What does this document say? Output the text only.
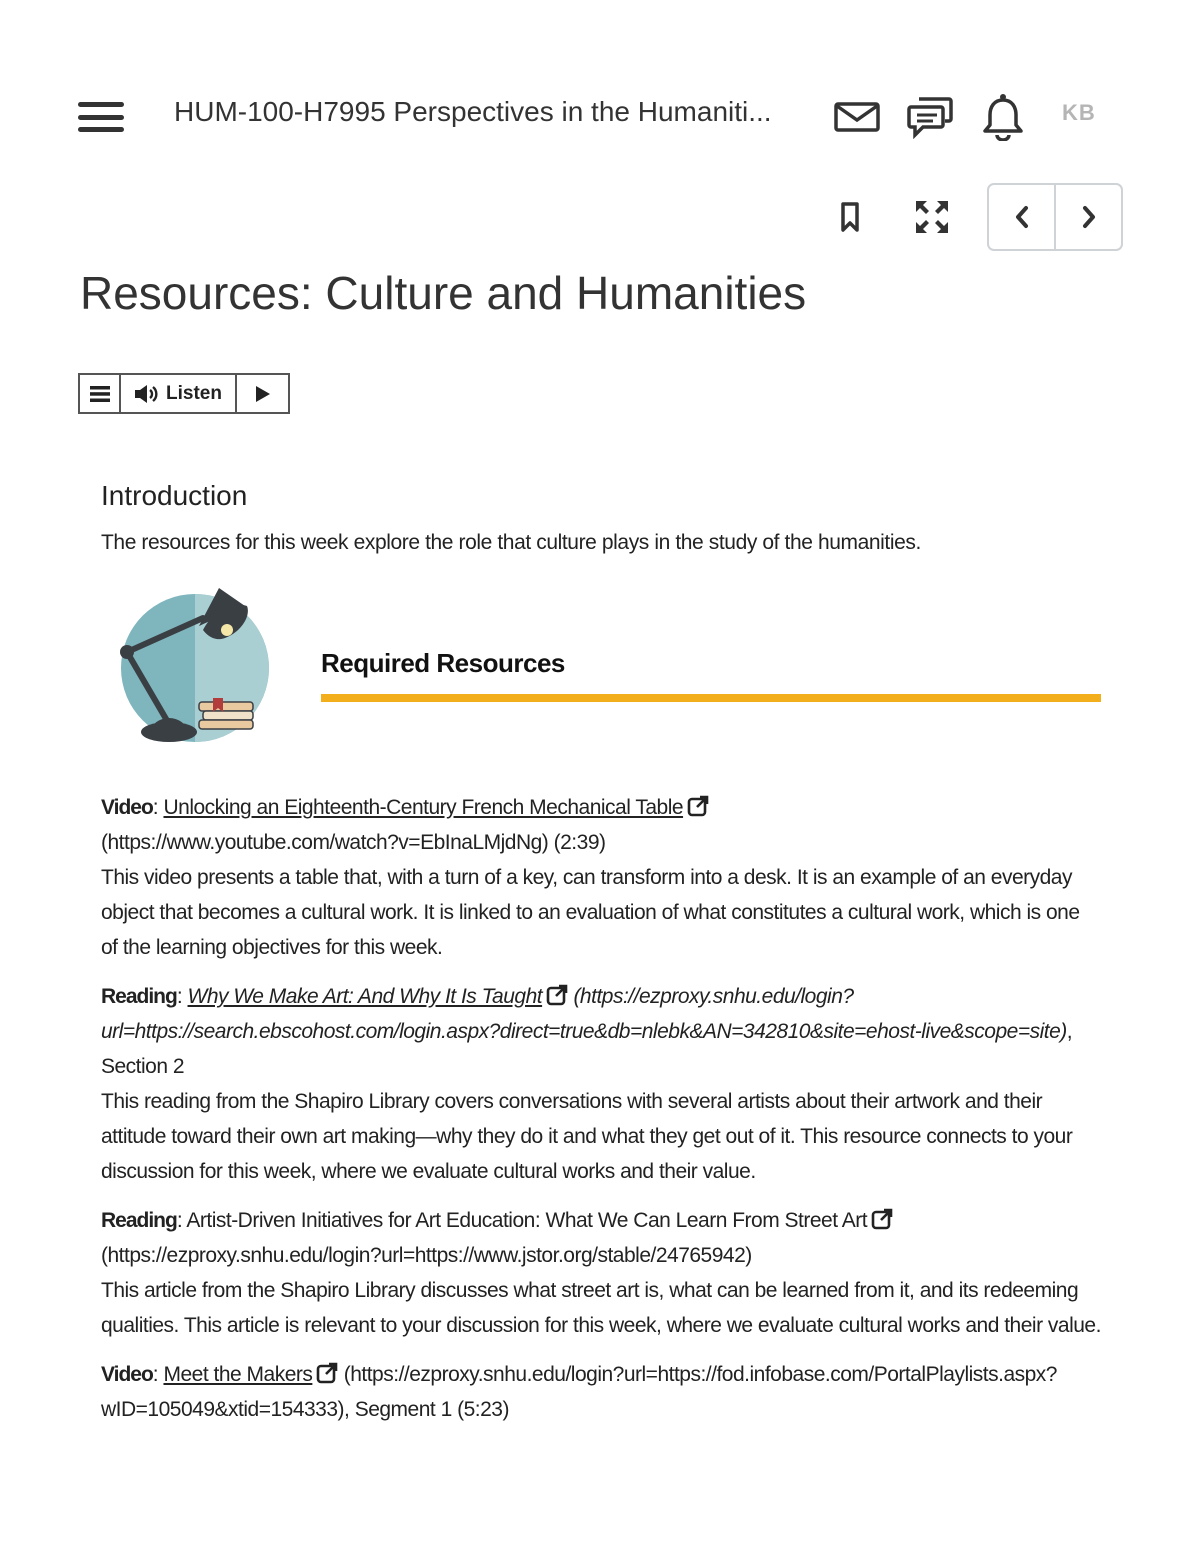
HUM-100-H7995 Perspectives in the Humaniti...	KB
Resources: Culture and Humanities
Listen
Introduction

The resources for this week explore the role that culture plays in the study of the humanities.

Required Resources
Video: Unlocking an Eighteenth-Century French Mechanical Table
(https://www.youtube.com/watch?v=EbInaLMjdNg) (2:39)
This video presents a table that, with a turn of a key, can transform into a desk. It is an example of an everyday object that becomes a cultural work. It is linked to an evaluation of what constitutes a cultural work, which is one of the learning objectives for this week.
Reading: Why We Make Art: And Why It Is Taught (https://ezproxy.snhu.edu/login?url=https://search.ebscohost.com/login.aspx?direct=true&db=nlebk&AN=342810&site=ehost-live&scope=site), Section 2
This reading from the Shapiro Library covers conversations with several artists about their artwork and their attitude toward their own art making—why they do it and what they get out of it. This resource connects to your discussion for this week, where we evaluate cultural works and their value.
Reading: Artist-Driven Initiatives for Art Education: What We Can Learn From Street Art
(https://ezproxy.snhu.edu/login?url=https://www.jstor.org/stable/24765942)
This article from the Shapiro Library discusses what street art is, what can be learned from it, and its redeeming qualities. This article is relevant to your discussion for this week, where we evaluate cultural works and their value.
Video: Meet the Makers (https://ezproxy.snhu.edu/login?url=https://fod.infobase.com/PortalPlaylists.aspx?wID=105049&xtid=154333), Segment 1 (5:23)
